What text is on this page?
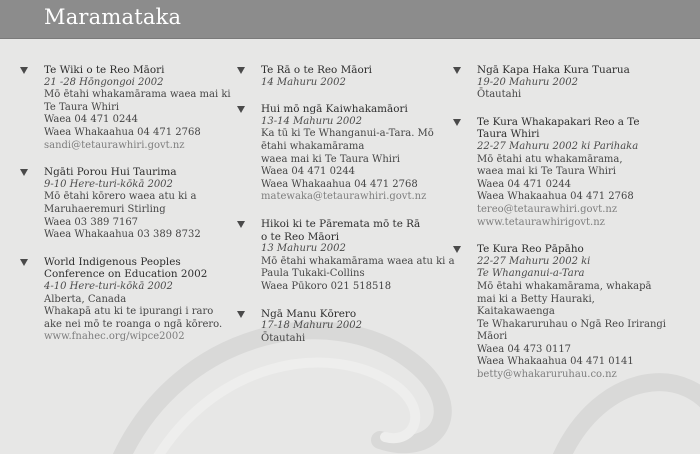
Maramataka
Te Wiki o te Reo Māori
21 -28 Hōngongoi 2002
Mō ētahi whakamārama waea mai ki
Te Taura Whiri
Waea 04 471 0244
Waea Whakaahua 04 471 2768
sandi@tetaurawhiri.govt.nz
Ngāti Porou Hui Taurima
9-10 Here-turi-kōkā 2002
Mō ētahi kōrero waea atu ki a
Maruhaeremuri Stirling
Waea 03 389 7167
Waea Whakaahua 03 389 8732
World Indigenous Peoples
Conference on Education 2002
4-10 Here-turi-kōkā 2002
Alberta, Canada
Whakapā atu ki te ipurangi i raro
ake nei mō te roanga o ngā kōrero.
www.fnahec.org/wipce2002
Te Rā o te Reo Māori
14 Mahuru 2002
Hui mō ngā Kaiwhakamāori
13-14 Mahuru 2002
Ka tū ki Te Whanganui-a-Tara. Mō
ētahi whakamārama
waea mai ki Te Taura Whiri
Waea 04 471 0244
Waea Whakaahua 04 471 2768
matewaka@tetaurawhiri.govt.nz
Hikoi ki te Pāremata mō te Rā
o te Reo Māori
13 Mahuru 2002
Mō ētahi whakamārama waea atu ki a
Paula Tukaki-Collins
Waea Pūkoro 021 518518
Ngā Manu Kōrero
17-18 Mahuru 2002
Ōtautahi
Ngā Kapa Haka Kura Tuarua
19-20 Mahuru 2002
Ōtautahi
Te Kura Whakapakari Reo a Te
Taura Whiri
22-27 Mahuru 2002 ki Parihaka
Mō ētahi atu whakamārama,
waea mai ki Te Taura Whiri
Waea 04 471 0244
Waea Whakaahua 04 471 2768
tereo@tetaurawhiri.govt.nz
www.tetaurawhirigovt.nz
Te Kura Reo Pāpāho
22-27 Mahuru 2002 ki
Te Whanganui-a-Tara
Mō ētahi whakamārama, whakapā
mai ki a Betty Hauraki,
Kaitakawaenga
Te Whakaruruhau o Ngā Reo Irirangi
Māori
Waea 04 473 0117
Waea Whakaahua 04 471 0141
betty@whakaruruhau.co.nz
